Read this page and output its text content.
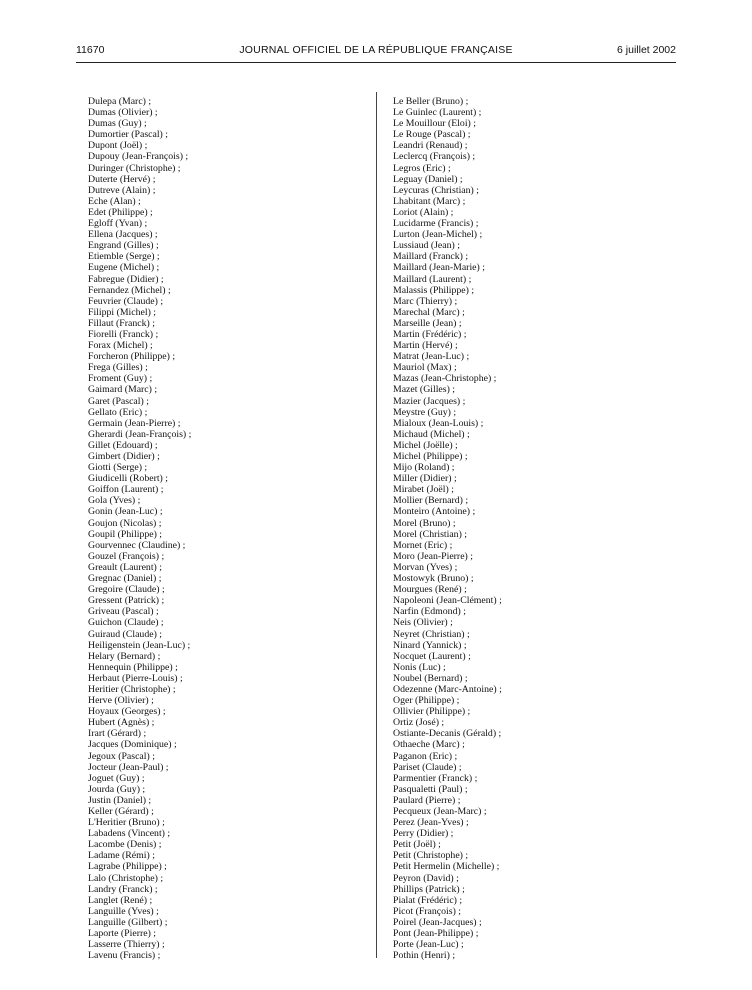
11670	JOURNAL OFFICIEL DE LA RÉPUBLIQUE FRANÇAISE	6 juillet 2002
Dulepa (Marc) ;
Dumas (Olivier) ;
Dumas (Guy) ;
Dumortier (Pascal) ;
Dupont (Joël) ;
Dupouy (Jean-François) ;
Duringer (Christophe) ;
Duterte (Hervé) ;
Dutreve (Alain) ;
Eche (Alan) ;
Edet (Philippe) ;
Egloff (Yvan) ;
Ellena (Jacques) ;
Engrand (Gilles) ;
Etiemble (Serge) ;
Eugene (Michel) ;
Fabregue (Didier) ;
Fernandez (Michel) ;
Feuvrier (Claude) ;
Filippi (Michel) ;
Fillaut (Franck) ;
Fiorelli (Franck) ;
Forax (Michel) ;
Forcheron (Philippe) ;
Frega (Gilles) ;
Froment (Guy) ;
Gaimard (Marc) ;
Garet (Pascal) ;
Gellato (Eric) ;
Germain (Jean-Pierre) ;
Gherardi (Jean-François) ;
Gillet (Edouard) ;
Gimbert (Didier) ;
Giotti (Serge) ;
Giudicelli (Robert) ;
Goiffon (Laurent) ;
Gola (Yves) ;
Gonin (Jean-Luc) ;
Goujon (Nicolas) ;
Goupil (Philippe) ;
Gourvennec (Claudine) ;
Gouzel (François) ;
Greault (Laurent) ;
Gregnac (Daniel) ;
Gregoire (Claude) ;
Gressent (Patrick) ;
Griveau (Pascal) ;
Guichon (Claude) ;
Guiraud (Claude) ;
Heiligenstein (Jean-Luc) ;
Helary (Bernard) ;
Hennequin (Philippe) ;
Herbaut (Pierre-Louis) ;
Heritier (Christophe) ;
Herve (Olivier) ;
Hoyaux (Georges) ;
Hubert (Agnès) ;
Irart (Gérard) ;
Jacques (Dominique) ;
Jegoux (Pascal) ;
Jocteur (Jean-Paul) ;
Joguet (Guy) ;
Jourda (Guy) ;
Justin (Daniel) ;
Keller (Gérard) ;
L'Heritier (Bruno) ;
Labadens (Vincent) ;
Lacombe (Denis) ;
Ladame (Rémi) ;
Lagrabe (Philippe) ;
Lalo (Christophe) ;
Landry (Franck) ;
Langlet (René) ;
Languille (Yves) ;
Languille (Gilbert) ;
Laporte (Pierre) ;
Lasserre (Thierry) ;
Lavenu (Francis) ;
Le Beller (Bruno) ;
Le Guinlec (Laurent) ;
Le Mouillour (Eloi) ;
Le Rouge (Pascal) ;
Leandri (Renaud) ;
Leclercq (François) ;
Legros (Eric) ;
Leguay (Daniel) ;
Leycuras (Christian) ;
Lhabitant (Marc) ;
Loriot (Alain) ;
Lucidarme (Francis) ;
Lurton (Jean-Michel) ;
Lussiaud (Jean) ;
Maillard (Franck) ;
Maillard (Jean-Marie) ;
Maillard (Laurent) ;
Malassis (Philippe) ;
Marc (Thierry) ;
Marechal (Marc) ;
Marseille (Jean) ;
Martin (Frédéric) ;
Martin (Hervé) ;
Matrat (Jean-Luc) ;
Mauriol (Max) ;
Mazas (Jean-Christophe) ;
Mazet (Gilles) ;
Mazier (Jacques) ;
Meystre (Guy) ;
Mialoux (Jean-Louis) ;
Michaud (Michel) ;
Michel (Joëlle) ;
Michel (Philippe) ;
Mijo (Roland) ;
Miller (Didier) ;
Mirabet (Joël) ;
Mollier (Bernard) ;
Monteiro (Antoine) ;
Morel (Bruno) ;
Morel (Christian) ;
Mornet (Eric) ;
Moro (Jean-Pierre) ;
Morvan (Yves) ;
Mostowyk (Bruno) ;
Mourgues (René) ;
Napoleoni (Jean-Clément) ;
Narfin (Edmond) ;
Neis (Olivier) ;
Neyret (Christian) ;
Ninard (Yannick) ;
Nocquet (Laurent) ;
Nonis (Luc) ;
Noubel (Bernard) ;
Odezenne (Marc-Antoine) ;
Oger (Philippe) ;
Ollivier (Philippe) ;
Ortiz (José) ;
Ostiante-Decanis (Gérald) ;
Othaeche (Marc) ;
Paganon (Eric) ;
Pariset (Claude) ;
Parmentier (Franck) ;
Pasqualetti (Paul) ;
Paulard (Pierre) ;
Pecqueux (Jean-Marc) ;
Perez (Jean-Yves) ;
Perry (Didier) ;
Petit (Joël) ;
Petit (Christophe) ;
Petit Hermelin (Michelle) ;
Peyron (David) ;
Phillips (Patrick) ;
Pialat (Frédéric) ;
Picot (François) ;
Poirel (Jean-Jacques) ;
Pont (Jean-Philippe) ;
Porte (Jean-Luc) ;
Pothin (Henri) ;
